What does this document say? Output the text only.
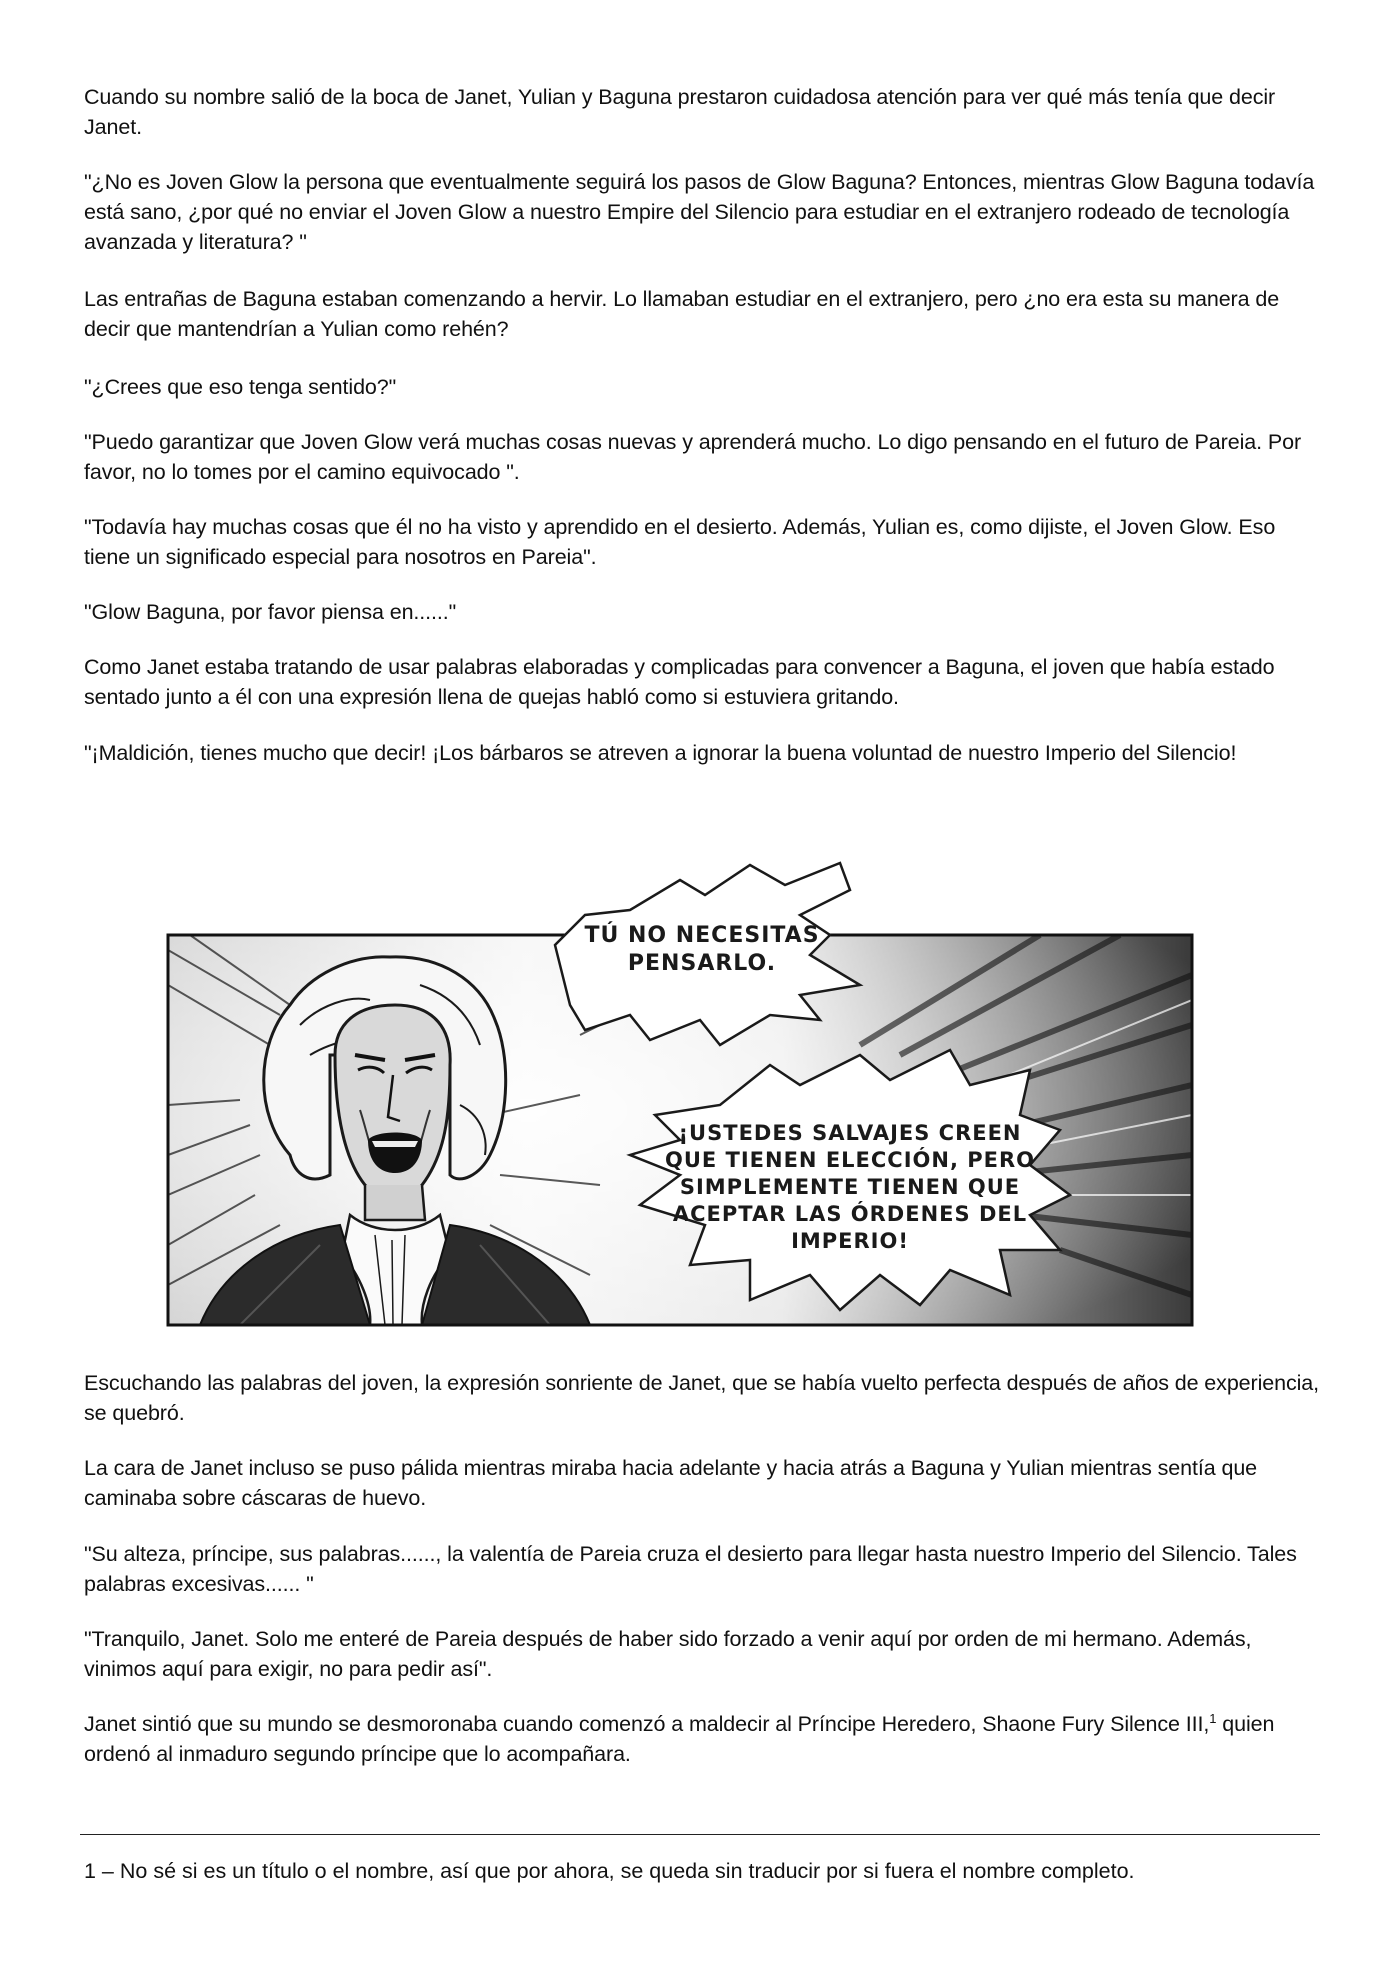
Cuando su nombre salió de la boca de Janet, Yulian y Baguna prestaron cuidadosa atención para ver qué más tenía que decir Janet.

"¿No es Joven Glow la persona que eventualmente seguirá los pasos de Glow Baguna? Entonces, mientras Glow Baguna todavía está sano, ¿por qué no enviar el Joven Glow a nuestro Empire del Silencio para estudiar en el extranjero rodeado de tecnología avanzada y literatura? "

Las entrañas de Baguna estaban comenzando a hervir. Lo llamaban estudiar en el extranjero, pero ¿no era esta su manera de decir que mantendrían a Yulian como rehén?

"¿Crees que eso tenga sentido?"

"Puedo garantizar que Joven Glow verá muchas cosas nuevas y aprenderá mucho. Lo digo pensando en el futuro de Pareia. Por favor, no lo tomes por el camino equivocado ".

"Todavía hay muchas cosas que él no ha visto y aprendido en el desierto. Además, Yulian es, como dijiste, el Joven Glow. Eso tiene un significado especial para nosotros en Pareia".

"Glow Baguna, por favor piensa en......"

Como Janet estaba tratando de usar palabras elaboradas y complicadas para convencer a Baguna, el joven que había estado sentado junto a él con una expresión llena de quejas habló como si estuviera gritando.

"¡Maldición, tienes mucho que decir! ¡Los bárbaros se atreven a ignorar la buena voluntad de nuestro Imperio del Silencio!

TÚ NO NECESITAS
PENSARLO.
¡USTEDES SALVAJES CREEN
QUE TIENEN ELECCIÓN, PERO
SIMPLEMENTE TIENEN QUE
ACEPTAR LAS ÓRDENES DEL
IMPERIO!

Escuchando las palabras del joven, la expresión sonriente de Janet, que se había vuelto perfecta después de años de experiencia, se quebró.

La cara de Janet incluso se puso pálida mientras miraba hacia adelante y hacia atrás a Baguna y Yulian mientras sentía que caminaba sobre cáscaras de huevo.

"Su alteza, príncipe, sus palabras......, la valentía de Pareia cruza el desierto para llegar hasta nuestro Imperio del Silencio. Tales palabras excesivas...... "

"Tranquilo, Janet. Solo me enteré de Pareia después de haber sido forzado a venir aquí por orden de mi hermano. Además, vinimos aquí para exigir, no para pedir así".

Janet sintió que su mundo se desmoronaba cuando comenzó a maldecir al Príncipe Heredero, Shaone Fury Silence III,$^1$ quien ordenó al inmaduro segundo príncipe que lo acompañara.

1 – No sé si es un título o el nombre, así que por ahora, se queda sin traducir por si fuera el nombre completo.
